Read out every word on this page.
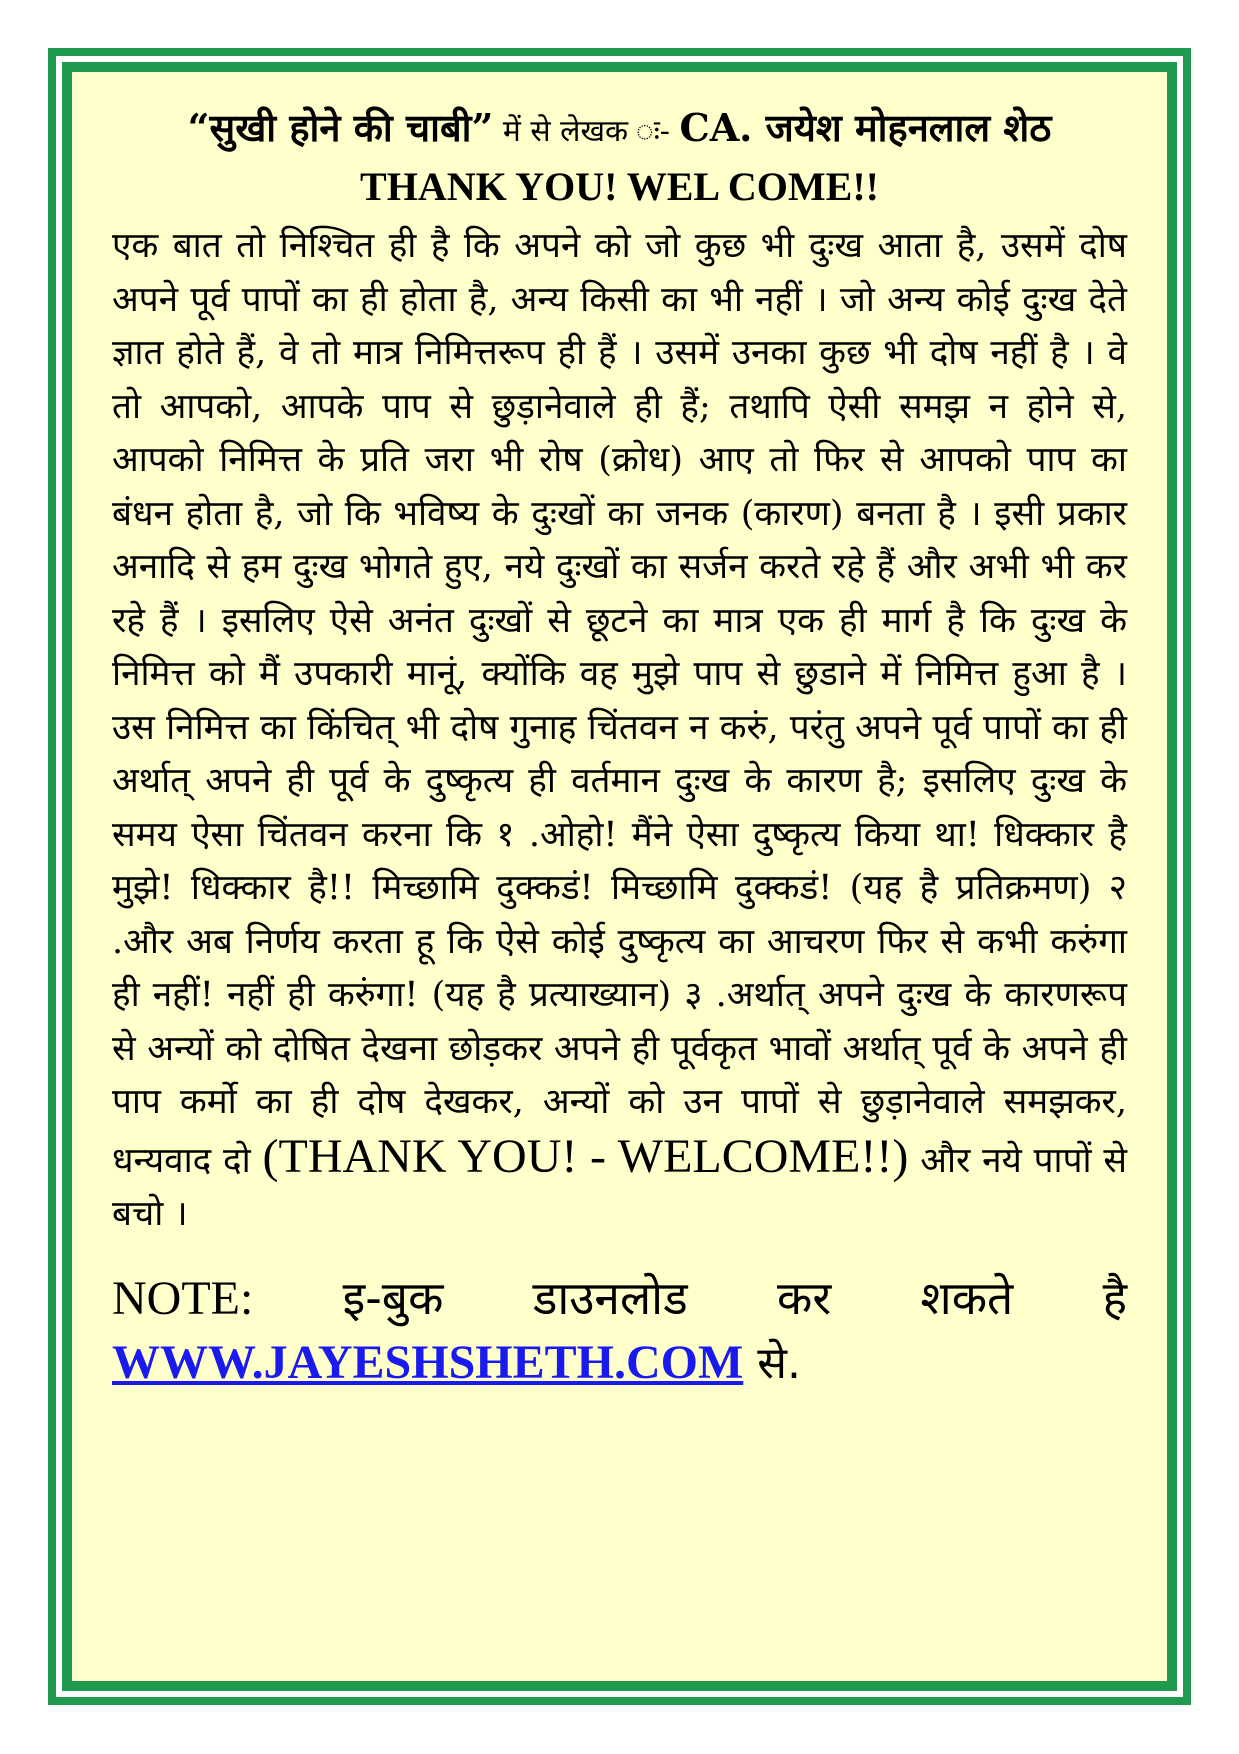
“सुखी होने की चाबी” में से लेखक ः- CA. जयेश मोहनलाल शेठ
THANK YOU! WEL COME!!
एक बात तो निश्चित ही है कि अपने को जो कुछ भी दुःख आता है, उसमें दोष अपने पूर्व पापों का ही होता है, अन्य किसी का भी नहीं । जो अन्य कोई दुःख देते ज्ञात होते हैं, वे तो मात्र निमित्तरूप ही हैं । उसमें उनका कुछ भी दोष नहीं है । वे तो आपको, आपके पाप से छुड़ानेवाले ही हैं; तथापि ऐसी समझ न होने से, आपको निमित्त के प्रति जरा भी रोष (क्रोध) आए तो फिर से आपको पाप का बंधन होता है, जो कि भविष्य के दुःखों का जनक (कारण) बनता है । इसी प्रकार अनादि से हम दुःख भोगते हुए, नये दुःखों का सर्जन करते रहे हैं और अभी भी कर रहे हैं । इसलिए ऐसे अनंत दुःखों से छूटने का मात्र एक ही मार्ग है कि दुःख के निमित्त को मैं उपकारी मानूं, क्योंकि वह मुझे पाप से छुडाने में निमित्त हुआ है । उस निमित्त का किंचित् भी दोष गुनाह चिंतवन न करुं, परंतु अपने पूर्व पापों का ही अर्थात् अपने ही पूर्व के दुष्कृत्य ही वर्तमान दुःख के कारण है; इसलिए दुःख के समय ऐसा चिंतवन करना कि १ .ओहो! मैंने ऐसा दुष्कृत्य किया था! धिक्कार है मुझे! धिक्कार है!! मिच्छामि दुक्कडं! मिच्छामि दुक्कडं! (यह है प्रतिक्रमण) २ .और अब निर्णय करता हू कि ऐसे कोई दुष्कृत्य का आचरण फिर से कभी करुंगा ही नहीं! नहीं ही करुंगा! (यह है प्रत्याख्यान) ३ .अर्थात् अपने दुःख के कारणरूप से अन्यों को दोषित देखना छोड़कर अपने ही पूर्वकृत भावों अर्थात् पूर्व के अपने ही पाप कर्मो का ही दोष देखकर, अन्यों को उन पापों से छुड़ानेवाले समझकर, धन्यवाद दो (THANK YOU! - WELCOME!!) और नये पापों से बचो ।
NOTE: इ-बुक डाउनलोड कर शकते है
WWW.JAYESHSHETH.COM से.
